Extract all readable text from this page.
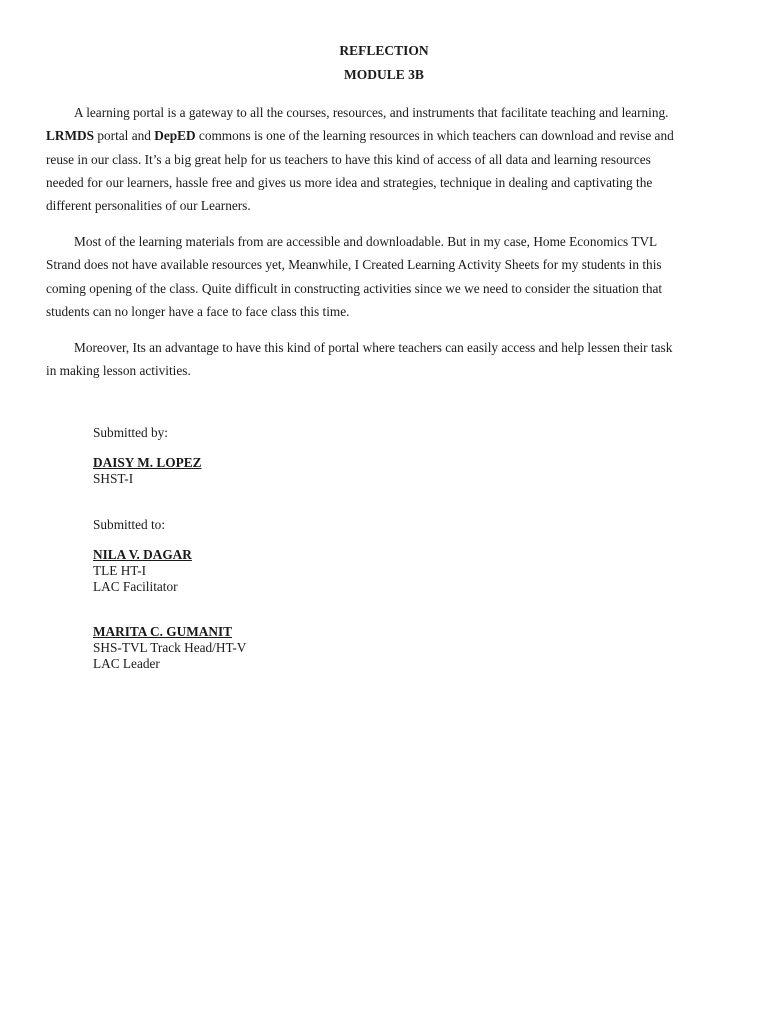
REFLECTION
MODULE 3B
A learning portal is a gateway to all the courses, resources, and instruments that facilitate teaching and learning.
LRMDS portal and DepED commons is one of the learning resources in which teachers can download and revise and
reuse in our class. It’s a big great help for us teachers to have this kind of access of all data and learning resources
needed for our learners, hassle free and gives us more idea and strategies, technique in dealing and captivating the
different personalities of our Learners.
Most of the learning materials from are accessible and downloadable. But in my case, Home Economics TVL
Strand does not have available resources yet, Meanwhile, I Created Learning Activity Sheets for my students in this
coming opening of the class. Quite difficult in constructing activities since we we need to consider the situation that
students can no longer have a face to face class this time.
Moreover, Its an advantage to have this kind of portal where teachers can easily access and help lessen their task
in making lesson activities.
Submitted by:
DAISY M. LOPEZ
SHST-I
Submitted to:
NILA V. DAGAR
TLE HT-I
LAC Facilitator
MARITA C. GUMANIT
SHS-TVL Track Head/HT-V
LAC Leader
